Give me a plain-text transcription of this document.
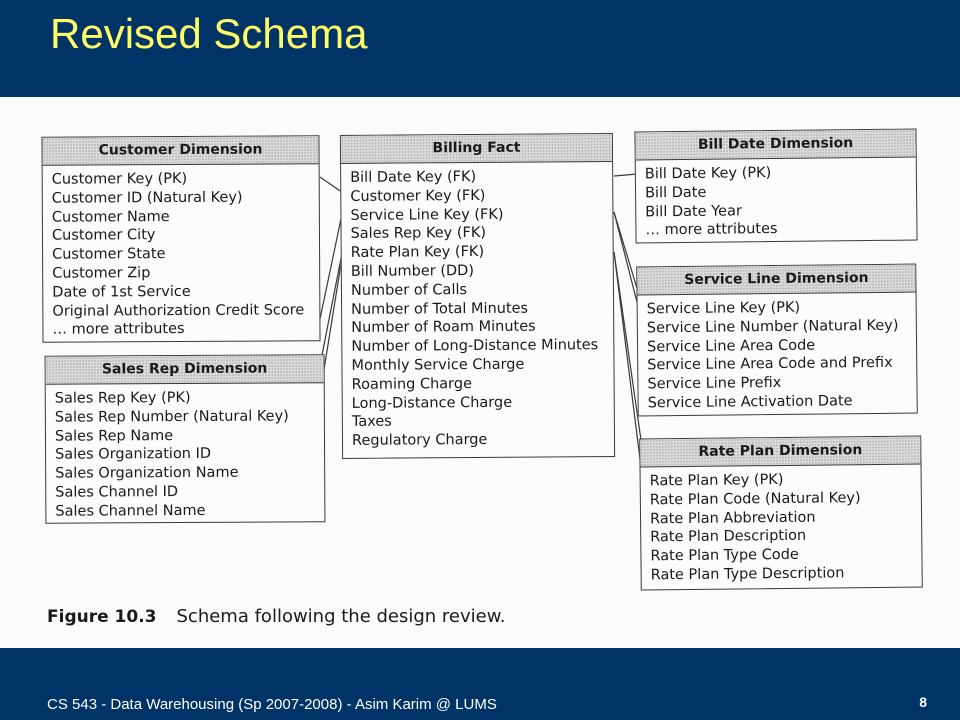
Revised Schema
Customer Dimension
Customer Key (PK)
Customer ID (Natural Key)
Customer Name
Customer City
Customer State
Customer Zip
Date of 1st Service
Original Authorization Credit Score
… more attributes
Sales Rep Dimension
Sales Rep Key (PK)
Sales Rep Number (Natural Key)
Sales Rep Name
Sales Organization ID
Sales Organization Name
Sales Channel ID
Sales Channel Name
Billing Fact
Bill Date Key (FK)
Customer Key (FK)
Service Line Key (FK)
Sales Rep Key (FK)
Rate Plan Key (FK)
Bill Number (DD)
Number of Calls
Number of Total Minutes
Number of Roam Minutes
Number of Long-Distance Minutes
Monthly Service Charge
Roaming Charge
Long-Distance Charge
Taxes
Regulatory Charge
Bill Date Dimension
Bill Date Key (PK)
Bill Date
Bill Date Year
… more attributes
Service Line Dimension
Service Line Key (PK)
Service Line Number (Natural Key)
Service Line Area Code
Service Line Area Code and Prefix
Service Line Prefix
Service Line Activation Date
Rate Plan Dimension
Rate Plan Key (PK)
Rate Plan Code (Natural Key)
Rate Plan Abbreviation
Rate Plan Description
Rate Plan Type Code
Rate Plan Type Description
Figure 10.3 Schema following the design review.
CS 543 - Data Warehousing (Sp 2007-2008) - Asim Karim @ LUMS	8
